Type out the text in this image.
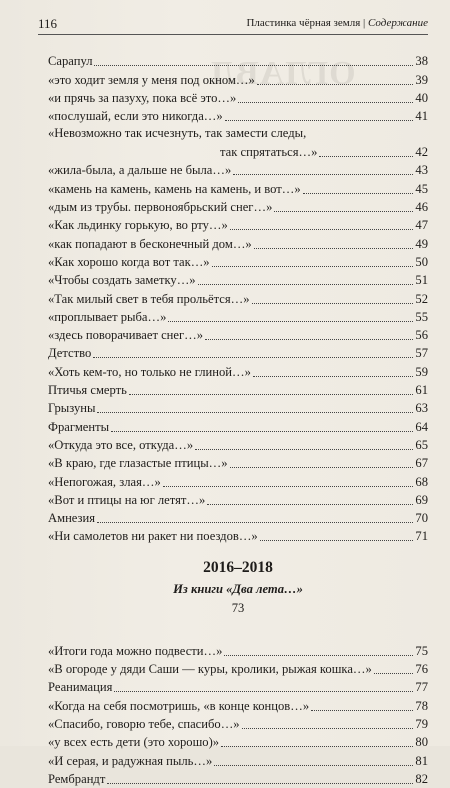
ОГЛАВЛ
116	Пластинка чёрная земля | Содержание
Сарапул	38
«это ходит земля у меня под окном…»	39
«и прячь за пазуху, пока всё это…»	40
«послушай, если это никогда…»	41
«Невозможно так исчезнуть, так замести следы,
так спрятаться…»	42
«жила-была, а дальше не была…»	43
«камень на камень, камень на камень, и вот…»	45
«дым из трубы. первоноябрьский снег…»	46
«Как льдинку горькую, во рту…»	47
«как попадают в бесконечный дом…»	49
«Как хорошо когда вот так…»	50
«Чтобы создать заметку…»	51
«Так милый свет в тебя прольётся…»	52
«проплывает рыба…»	55
«здесь поворачивает снег…»	56
Детство	57
«Хоть кем-то, но только не глиной…»	59
Птичья смерть	61
Грызуны	63
Фрагменты	64
«Откуда это все, откуда…»	65
«В краю, где глазастые птицы…»	67
«Непогожая, злая…»	68
«Вот и птицы на юг летят…»	69
Амнезия	70
«Ни самолетов ни ракет ни поездов…»	71
2016–2018
Из книги «Два лета…»
73
«Итоги года можно подвести…»	75
«В огороде у дяди Саши — куры, кролики, рыжая кошка…»	76
Реанимация	77
«Когда на себя посмотришь, «в конце концов…»	78
«Спасибо, говорю тебе, спасибо…»	79
«у всех есть дети (это хорошо)»	80
«И серая, и радужная пыль…»	81
Рембрандт	82
